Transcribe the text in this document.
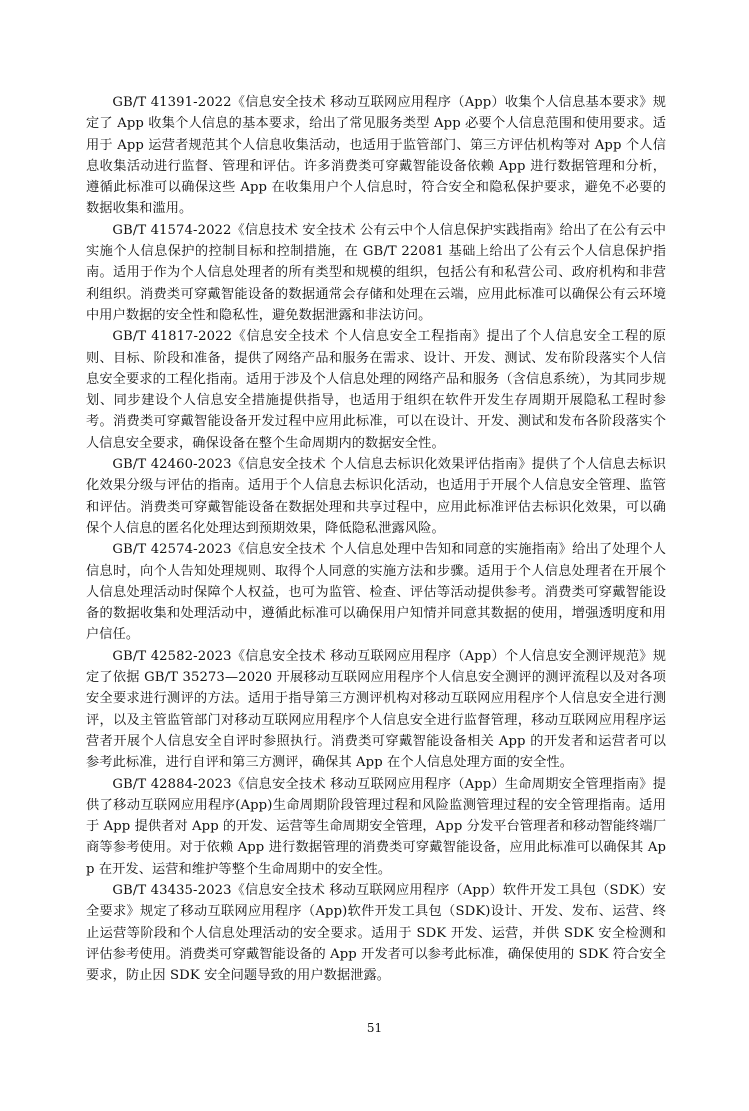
GB/T 41391-2022《信息安全技术 移动互联网应用程序（App）收集个人信息基本要求》规定了 App 收集个人信息的基本要求，给出了常见服务类型 App 必要个人信息范围和使用要求。适用于 App 运营者规范其个人信息收集活动，也适用于监管部门、第三方评估机构等对 App 个人信息收集活动进行监督、管理和评估。许多消费类可穿戴智能设备依赖 App 进行数据管理和分析，遵循此标准可以确保这些 App 在收集用户个人信息时，符合安全和隐私保护要求，避免不必要的数据收集和滥用。

GB/T 41574-2022《信息技术 安全技术 公有云中个人信息保护实践指南》给出了在公有云中实施个人信息保护的控制目标和控制措施，在 GB/T 22081 基础上给出了公有云个人信息保护指南。适用于作为个人信息处理者的所有类型和规模的组织，包括公有和私营公司、政府机构和非营利组织。消费类可穿戴智能设备的数据通常会存储和处理在云端，应用此标准可以确保公有云环境中用户数据的安全性和隐私性，避免数据泄露和非法访问。

GB/T 41817-2022《信息安全技术 个人信息安全工程指南》提出了个人信息安全工程的原则、目标、阶段和准备，提供了网络产品和服务在需求、设计、开发、测试、发布阶段落实个人信息安全要求的工程化指南。适用于涉及个人信息处理的网络产品和服务（含信息系统），为其同步规划、同步建设个人信息安全措施提供指导，也适用于组织在软件开发生存周期开展隐私工程时参考。消费类可穿戴智能设备开发过程中应用此标准，可以在设计、开发、测试和发布各阶段落实个人信息安全要求，确保设备在整个生命周期内的数据安全性。

GB/T 42460-2023《信息安全技术 个人信息去标识化效果评估指南》提供了个人信息去标识化效果分级与评估的指南。适用于个人信息去标识化活动，也适用于开展个人信息安全管理、监管和评估。消费类可穿戴智能设备在数据处理和共享过程中，应用此标准评估去标识化效果，可以确保个人信息的匿名化处理达到预期效果，降低隐私泄露风险。

GB/T 42574-2023《信息安全技术 个人信息处理中告知和同意的实施指南》给出了处理个人信息时，向个人告知处理规则、取得个人同意的实施方法和步骤。适用于个人信息处理者在开展个人信息处理活动时保障个人权益，也可为监管、检查、评估等活动提供参考。消费类可穿戴智能设备的数据收集和处理活动中，遵循此标准可以确保用户知情并同意其数据的使用，增强透明度和用户信任。

GB/T 42582-2023《信息安全技术 移动互联网应用程序（App）个人信息安全测评规范》规定了依据 GB/T 35273—2020 开展移动互联网应用程序个人信息安全测评的测评流程以及对各项安全要求进行测评的方法。适用于指导第三方测评机构对移动互联网应用程序个人信息安全进行测评，以及主管监管部门对移动互联网应用程序个人信息安全进行监督管理，移动互联网应用程序运营者开展个人信息安全自评时参照执行。消费类可穿戴智能设备相关 App 的开发者和运营者可以参考此标准，进行自评和第三方测评，确保其 App 在个人信息处理方面的安全性。

GB/T 42884-2023《信息安全技术 移动互联网应用程序（App）生命周期安全管理指南》提供了移动互联网应用程序(App)生命周期阶段管理过程和风险监测管理过程的安全管理指南。适用于 App 提供者对 App 的开发、运营等生命周期安全管理，App 分发平台管理者和移动智能终端厂商等参考使用。对于依赖 App 进行数据管理的消费类可穿戴智能设备，应用此标准可以确保其 App 在开发、运营和维护等整个生命周期中的安全性。

GB/T 43435-2023《信息安全技术 移动互联网应用程序（App）软件开发工具包（SDK）安全要求》规定了移动互联网应用程序（App)软件开发工具包（SDK)设计、开发、发布、运营、终止运营等阶段和个人信息处理活动的安全要求。适用于 SDK 开发、运营，并供 SDK 安全检测和评估参考使用。消费类可穿戴智能设备的 App 开发者可以参考此标准，确保使用的 SDK 符合安全要求，防止因 SDK 安全问题导致的用户数据泄露。

51
